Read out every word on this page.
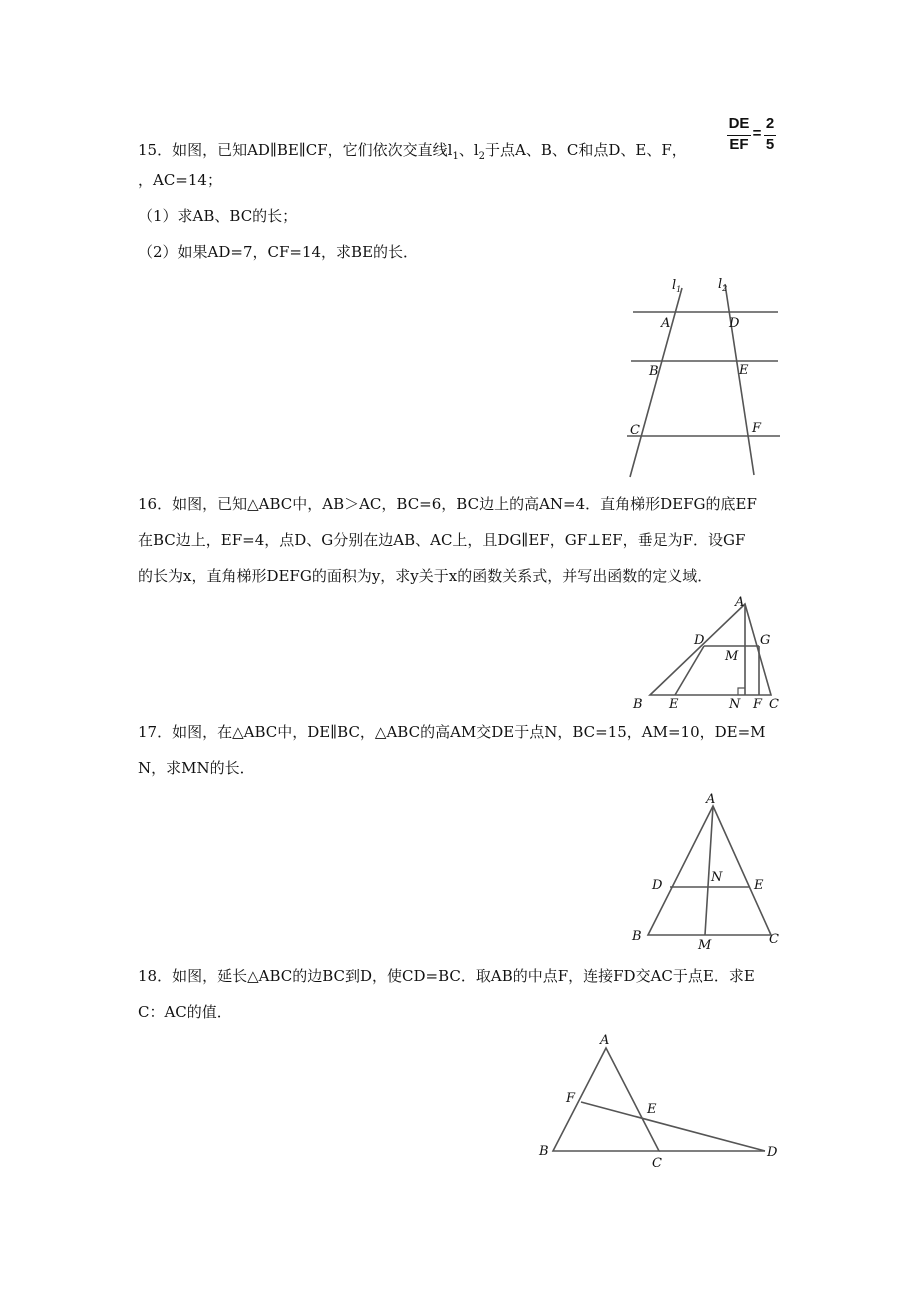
15．如图，已知AD∥BE∥CF，它们依次交直线$l_1$、$l_2$于点A、B、C和点D、E、F，
DE
EF
=
2
5
，AC=14；
（1）求AB、BC的长；
（2）如果AD=7，CF=14，求BE的长．
$l_1$	$l_2$
A	D
B	E
C	F
16．如图，已知△ABC中，AB＞AC，BC=6，BC边上的高AN=4．直角梯形DEFG的底EF
在BC边上，EF=4，点D、G分别在边AB、AC上，且DG∥EF，GF⊥EF，垂足为F．设GF
的长为x，直角梯形DEFG的面积为y，求y关于x的函数关系式，并写出函数的定义域．
A
B	C
D
E	F
G
M
N
17．如图，在△ABC中，DE∥BC，△ABC的高AM交DE于点N，BC=15，AM=10，DE=M
N，求MN的长．
A
D	E
N
B	C
M
18．如图，延长△ABC的边BC到D，使CD=BC．取AB的中点F，连接FD交AC于点E．求E
C：AC的值．
A
F
E
B
C
D
